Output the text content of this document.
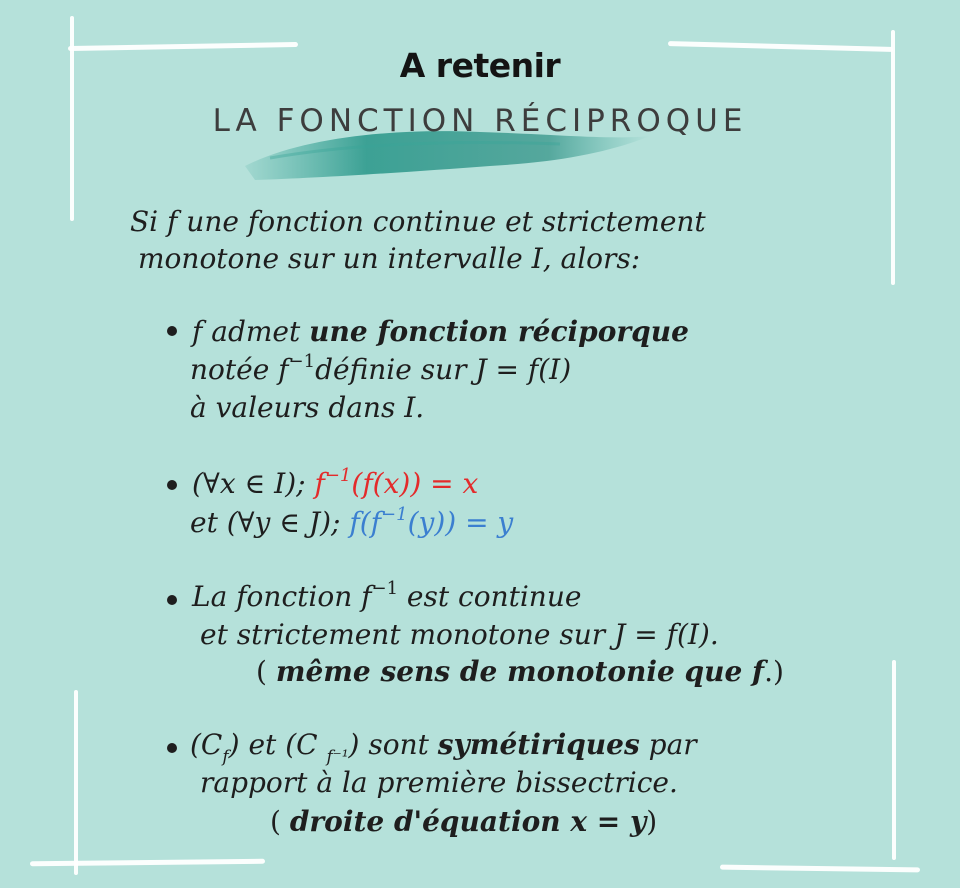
A retenir
LA FONCTION RÉCIPROQUE
Si f une fonction continue et strictement
monotone sur un intervalle I, alors:
f admet une fonction réciporque
notée $f^{-1}définie$ sur J = f(I)
à valeurs dans I.
(∀x ∈ I); $f^{-1}(f(x)) = x$
et (∀y ∈ J); $f(f^{-1}(y)) = y$
La fonction $f^{-1}$ est continue
et strictement monotone sur J = f(I).
( même sens de monotonie que f.)
$(C_f)$ et (C $_{f^{-1}}$) sont symétiriques par
rapport à la première bissectrice.
( droite d'équation x = y)
